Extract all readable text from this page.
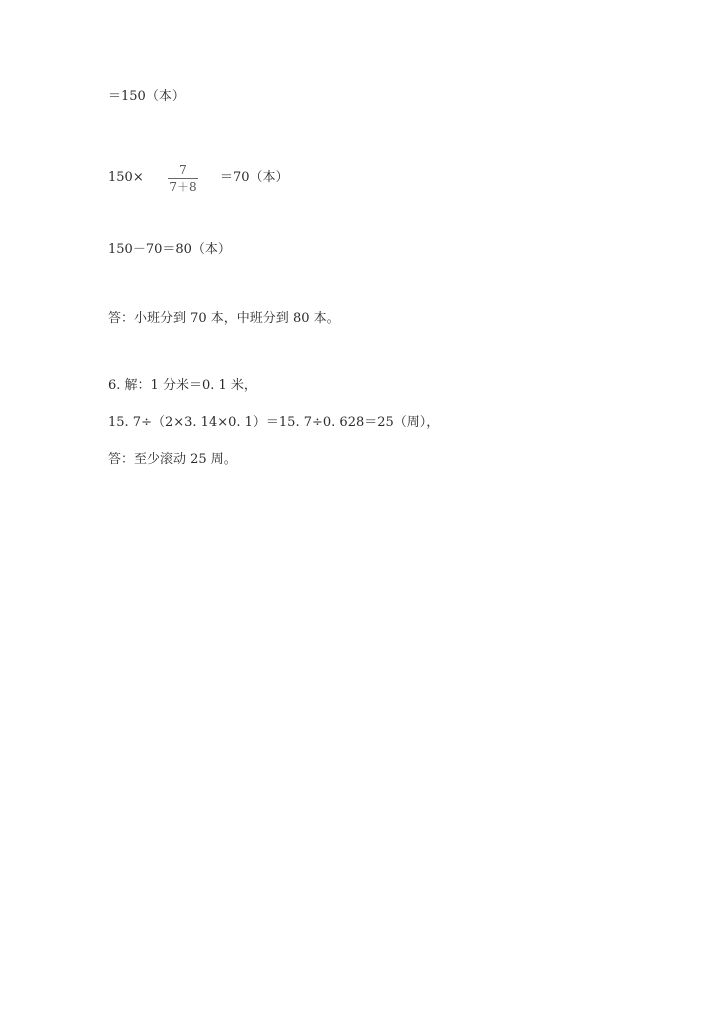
＝150（本）
150×	7
7＋8
＝70（本）
150－70＝80（本）
答：小班分到 70 本，中班分到 80 本。
6. 解：1 分米＝0. 1 米，
15. 7÷（2×3. 14×0. 1）＝15. 7÷0. 628＝25（周），
答：至少滚动 25 周。
